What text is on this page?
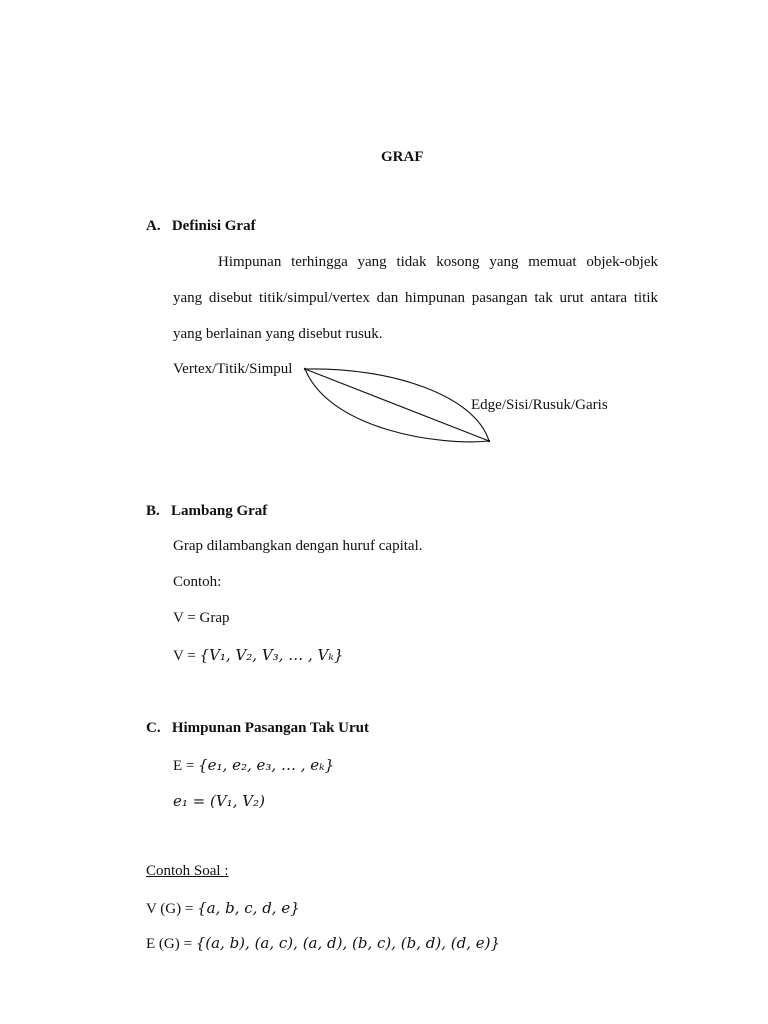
GRAF
A.   Definisi Graf
Himpunan terhingga yang tidak kosong yang memuat objek-objek
yang disebut titik/simpul/vertex dan himpunan pasangan tak urut antara titik
yang berlainan yang disebut rusuk.
Vertex/Titik/Simpul
Edge/Sisi/Rusuk/Garis
B.   Lambang Graf
Grap dilambangkan dengan huruf capital.
Contoh:
V = Grap
V = {V₁, V₂, V₃, … , Vₖ}
C.   Himpunan Pasangan Tak Urut
E = {e₁, e₂, e₃, … , eₖ}
e₁ = (V₁, V₂)
Contoh Soal :
V (G) = {a, b, c, d, e}
E (G) = {(a, b), (a, c), (a, d), (b, c), (b, d), (d, e)}
